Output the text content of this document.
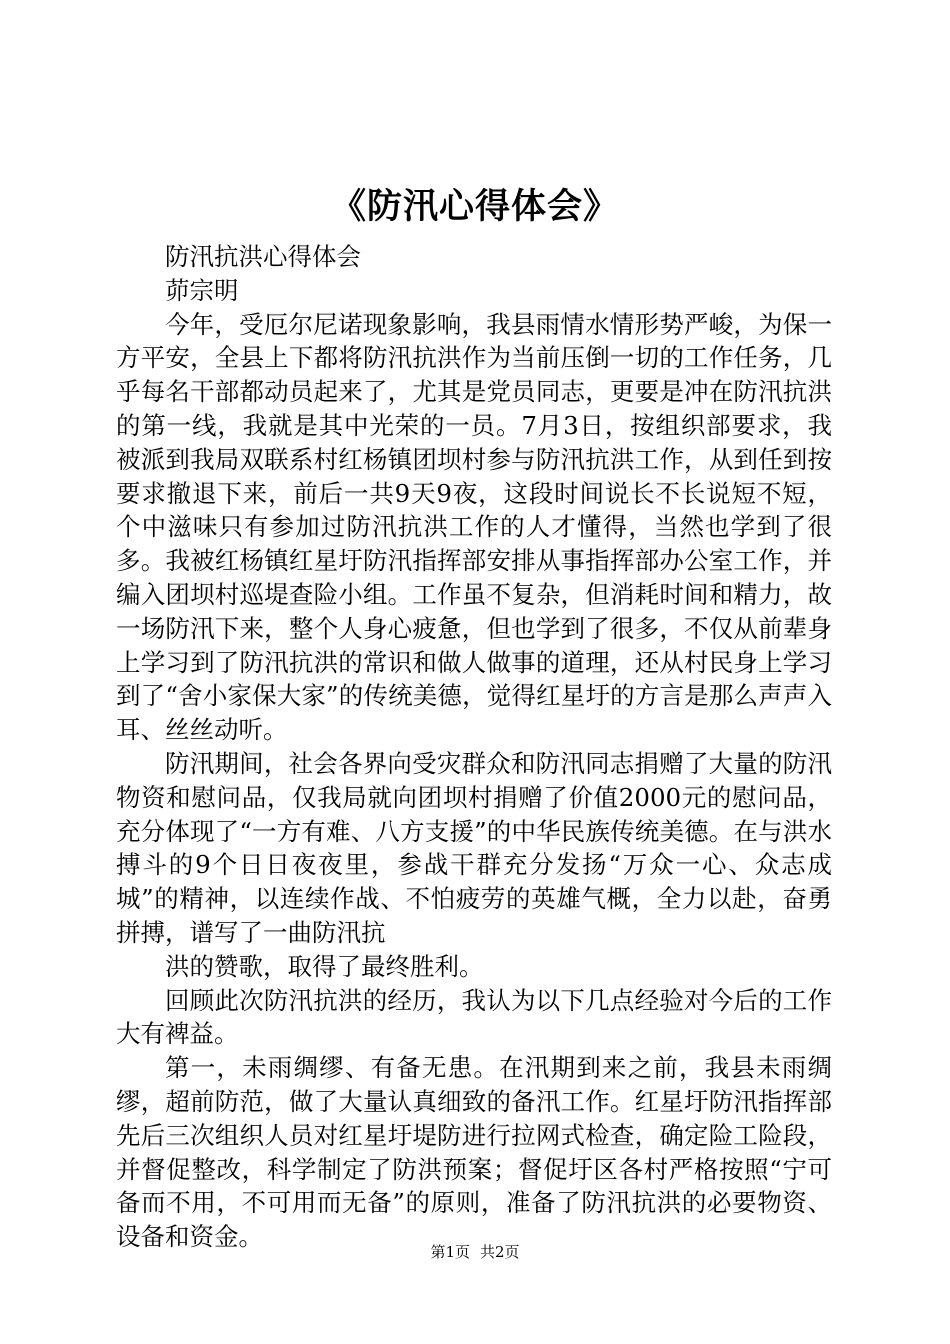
《防汛心得体会》

防汛抗洪心得体会

茆宗明

今年，受厄尔尼诺现象影响，我县雨情水情形势严峻，为保一方平安，全县上下都将防汛抗洪作为当前压倒一切的工作任务，几乎每名干部都动员起来了，尤其是党员同志，更要是冲在防汛抗洪的第一线，我就是其中光荣的一员。7月3日，按组织部要求，我被派到我局双联系村红杨镇团坝村参与防汛抗洪工作，从到任到按要求撤退下来，前后一共9天9夜，这段时间说长不长说短不短，个中滋味只有参加过防汛抗洪工作的人才懂得，当然也学到了很多。我被红杨镇红星圩防汛指挥部安排从事指挥部办公室工作，并编入团坝村巡堤查险小组。工作虽不复杂，但消耗时间和精力，故一场防汛下来，整个人身心疲惫，但也学到了很多，不仅从前辈身上学习到了防汛抗洪的常识和做人做事的道理，还从村民身上学习到了“舍小家保大家”的传统美德，觉得红星圩的方言是那么声声入耳、丝丝动听。

防汛期间，社会各界向受灾群众和防汛同志捐赠了大量的防汛物资和慰问品，仅我局就向团坝村捐赠了价值2000元的慰问品，充分体现了“一方有难、八方支援”的中华民族传统美德。在与洪水搏斗的9个日日夜夜里，参战干群充分发扬“万众一心、众志成城”的精神，以连续作战、不怕疲劳的英雄气概，全力以赴，奋勇拼搏，谱写了一曲防汛抗

洪的赞歌，取得了最终胜利。

回顾此次防汛抗洪的经历，我认为以下几点经验对今后的工作大有裨益。

第一，未雨绸缪、有备无患。在汛期到来之前，我县未雨绸缪，超前防范，做了大量认真细致的备汛工作。红星圩防汛指挥部先后三次组织人员对红星圩堤防进行拉网式检查，确定险工险段，并督促整改，科学制定了防洪预案；督促圩区各村严格按照“宁可备而不用，不可用而无备”的原则，准备了防汛抗洪的必要物资、设备和资金。

第1页 共2页
